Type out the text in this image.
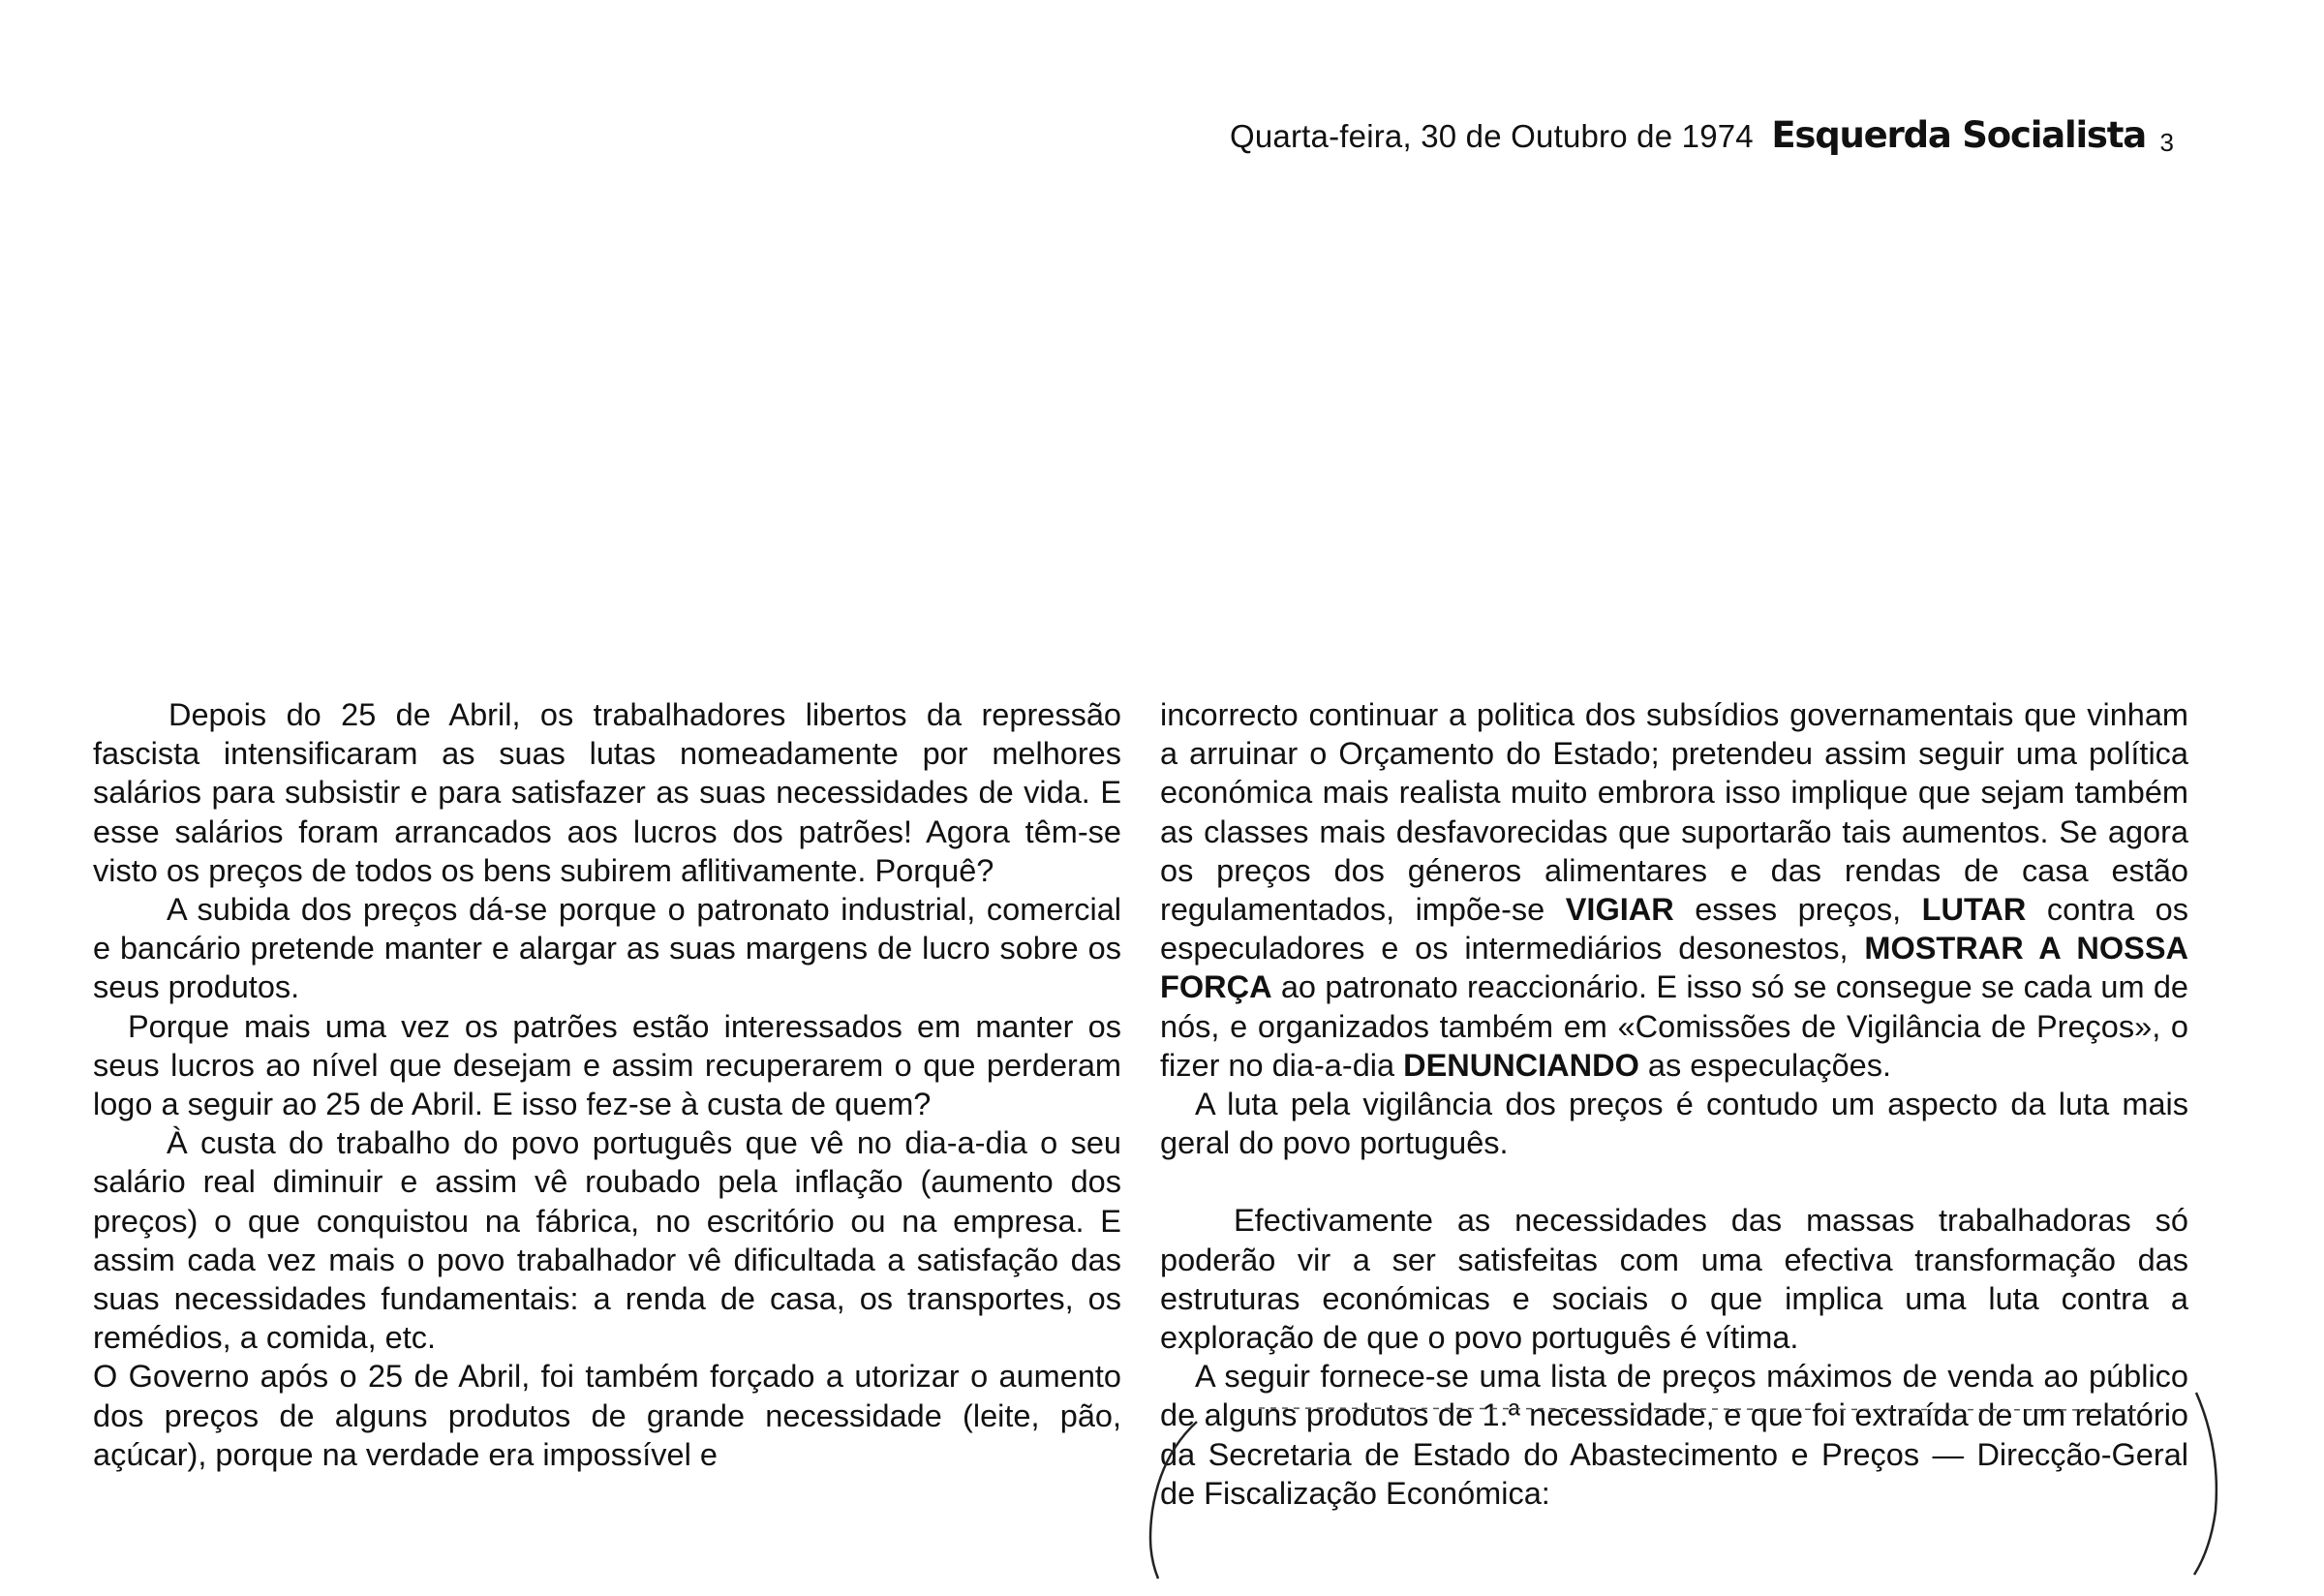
Quarta-feira, 30 de Outubro de 1974 Esquerda Socialista 3

Depois do 25 de Abril, os trabalhadores libertos da repressão fascista intensificaram as suas lutas nomeadamente por melhores salários para subsistir e para satisfazer as suas necessidades de vida. E esse salários foram arrancados aos lucros dos patrões! Agora têm-se visto os preços de todos os bens subirem aflitivamente. Porquê?

A subida dos preços dá-se porque o patronato industrial, comercial e bancário pretende manter e alargar as suas margens de lucro sobre os seus produtos.

Porque mais uma vez os patrões estão interessados em manter os seus lucros ao nível que desejam e assim recuperarem o que perderam logo a seguir ao 25 de Abril. E isso fez-se à custa de quem?

À custa do trabalho do povo português que vê no dia-a-dia o seu salário real diminuir e assim vê roubado pela inflação (aumento dos preços) o que conquistou na fábrica, no escritório ou na empresa. E assim cada vez mais o povo trabalhador vê dificultada a satisfação das suas necessidades fundamentais: a renda de casa, os transportes, os remédios, a comida, etc.

O Governo após o 25 de Abril, foi também forçado a utorizar o aumento dos preços de alguns produtos de grande necessidade (leite, pão, açúcar), porque na verdade era impossível e

incorrecto continuar a politica dos subsídios governamentais que vinham a arruinar o Orçamento do Estado; pretendeu assim seguir uma política económica mais realista muito embrora isso implique que sejam também as classes mais desfavorecidas que suportarão tais aumentos. Se agora os preços dos géneros alimentares e das rendas de casa estão regulamentados, impõe-se VIGIAR esses preços, LUTAR contra os especuladores e os intermediários desonestos, MOSTRAR A NOSSA FORÇA ao patronato reaccionário. E isso só se consegue se cada um de nós, e organizados também em «Comissões de Vigilância de Preços», o fizer no dia-a-dia DENUNCIANDO as especulações.

A luta pela vigilância dos preços é contudo um aspecto da luta mais geral do povo português.

Efectivamente as necessidades das massas trabalhadoras só poderão vir a ser satisfeitas com uma efectiva transformação das estruturas económicas e sociais o que implica uma luta contra a exploração de que o povo português é vítima.

A seguir fornece-se uma lista de preços máximos de venda ao público de alguns produtos de 1.ª necessidade, e que foi extraída de um relatório da Secretaria de Estado do Abastecimento e Preços — Direcção-Geral de Fiscalização Económica:
